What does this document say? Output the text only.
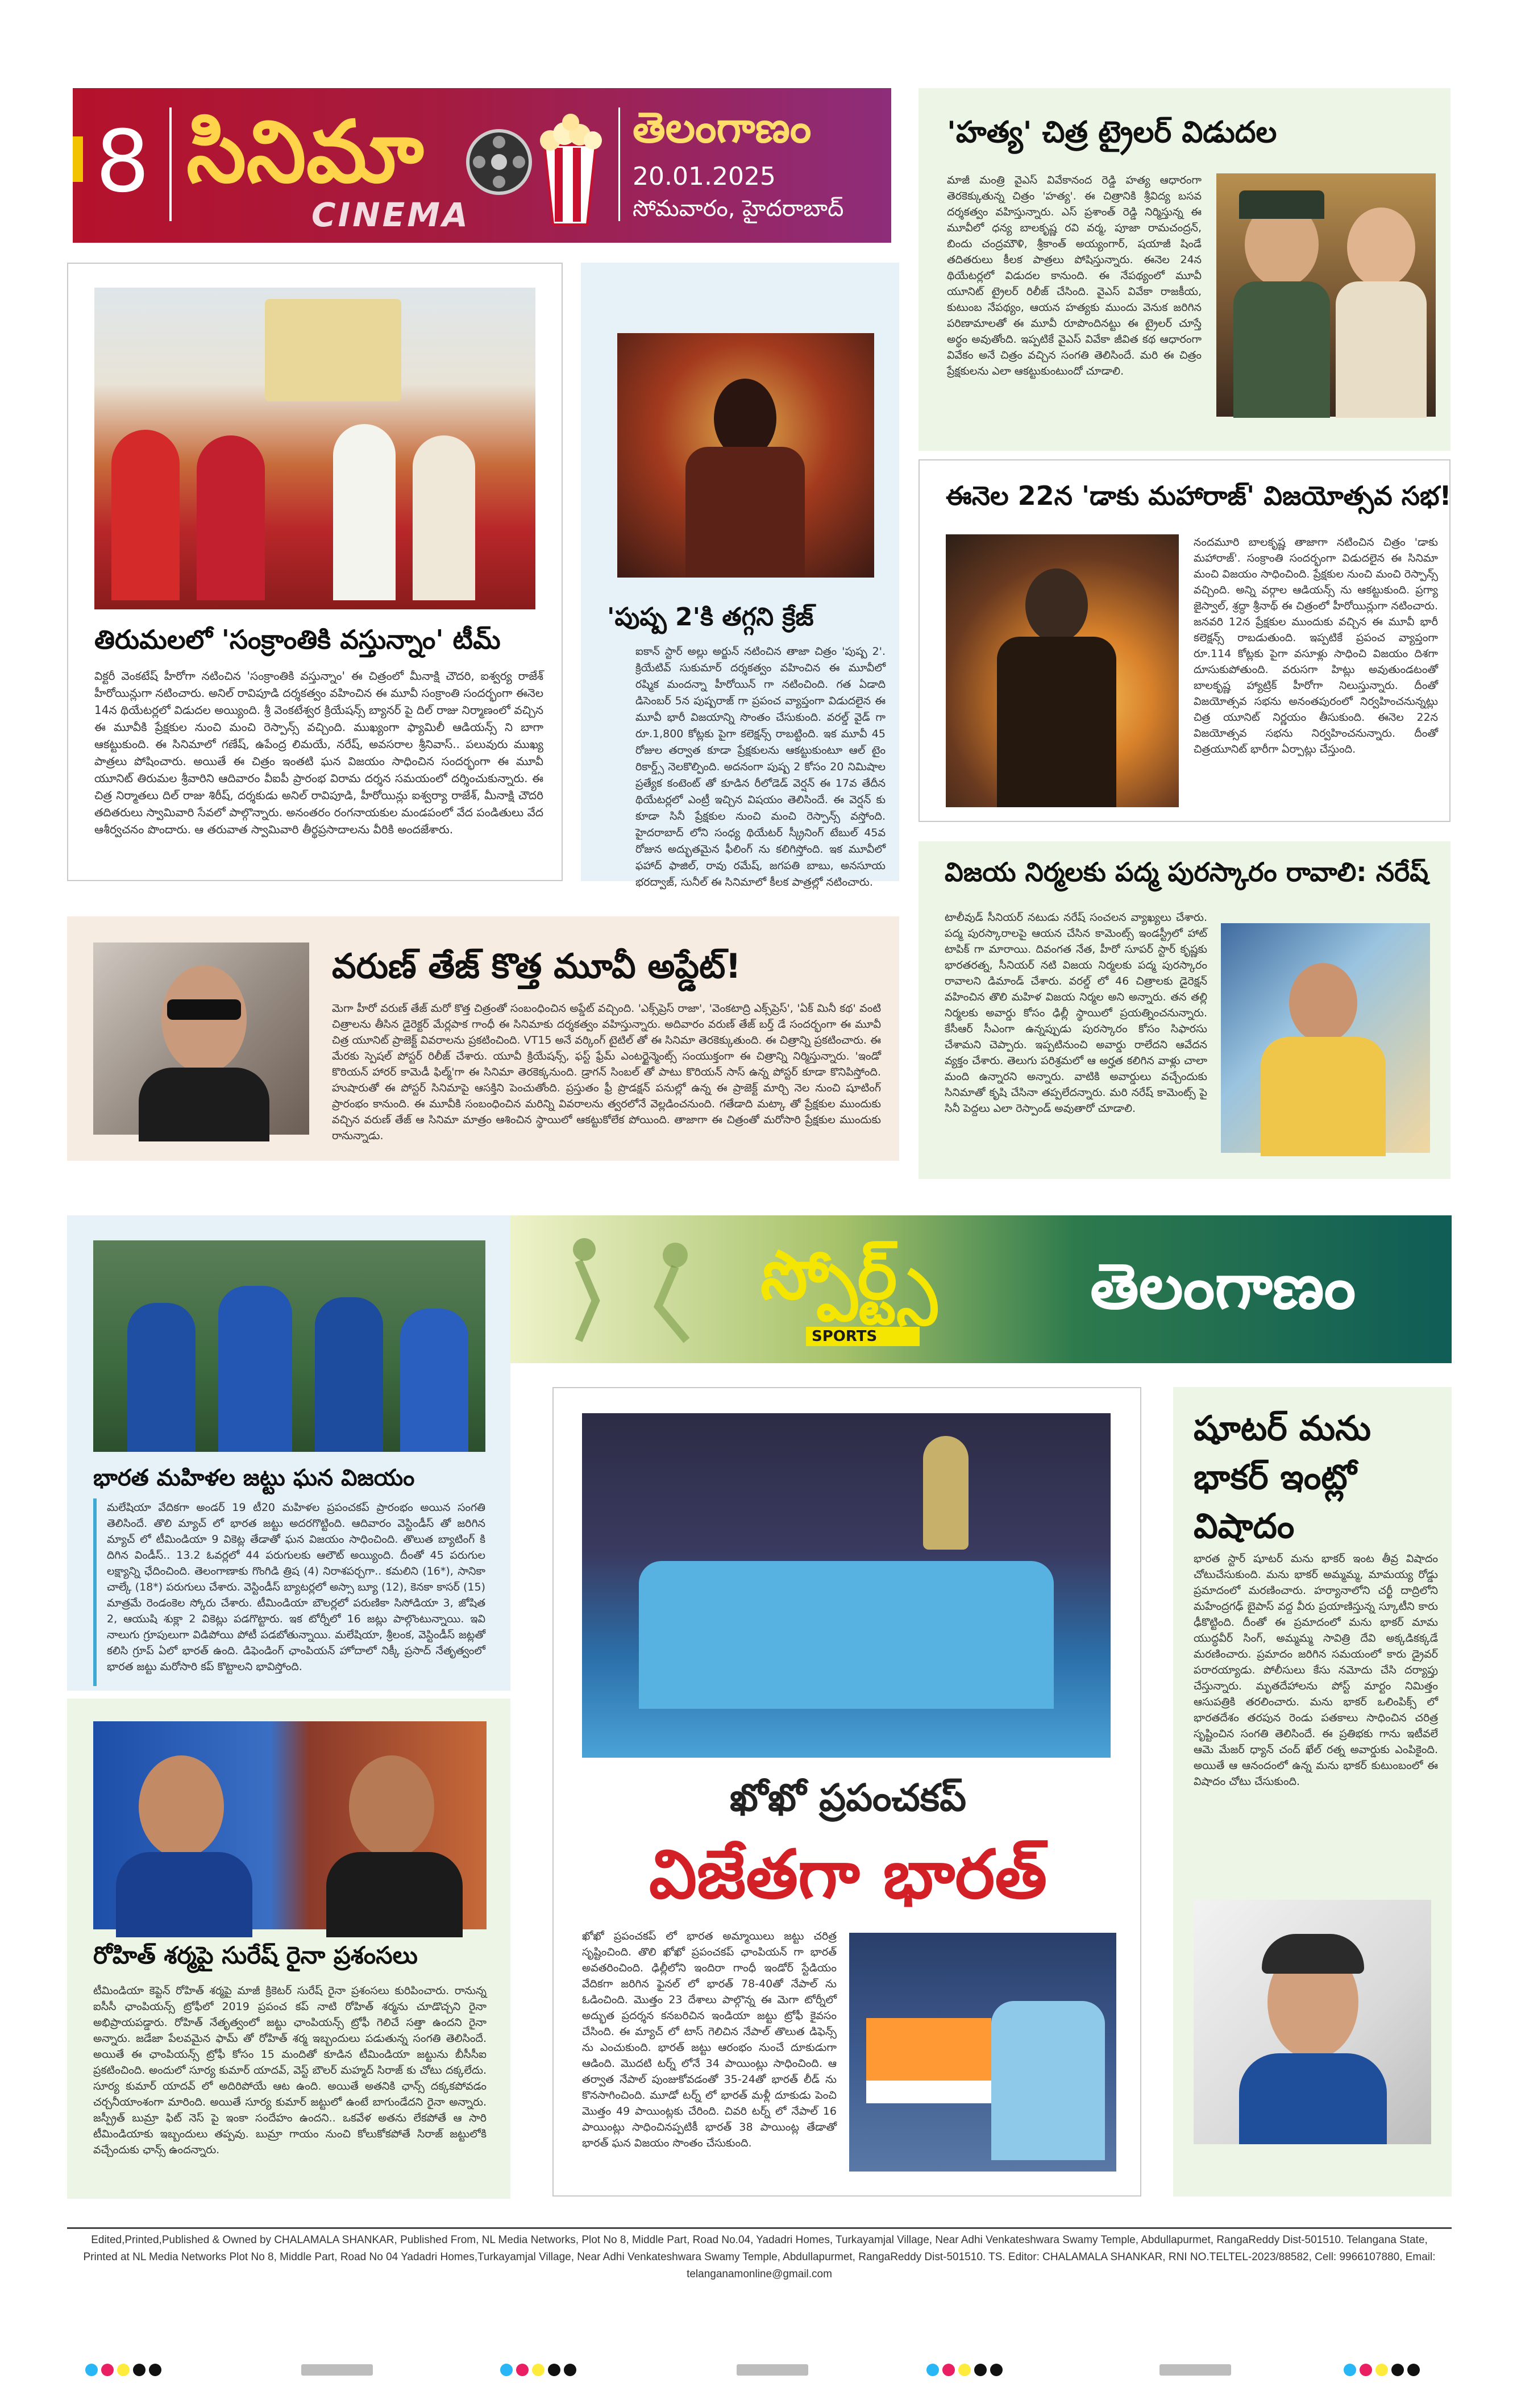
8 సినిమా
CINEMA
తెలంగాణం
20.01.2025
సోమవారం, హైదరాబాద్
తిరుమలలో 'సంక్రాంతికి వస్తున్నాం' టీమ్
విక్టరీ వెంకటేష్ హీరోగా నటించిన 'సంక్రాంతికి వస్తున్నాం' ఈ చిత్రంలో మీనాక్షి చౌదరి, ఐశ్వర్య రాజేశ్ హీరోయిన్లుగా నటించారు. అనిల్ రావిపూడి దర్శకత్వం వహించిన ఈ మూవీ సంక్రాంతి సందర్భంగా ఈనెల 14న థియేటర్లలో విడుదల అయ్యింది. శ్రీ వెంకటేశ్వర క్రియేషన్స్ బ్యానర్ పై దిల్ రాజు నిర్మాణంలో వచ్చిన ఈ మూవీకి ప్రేక్షకుల నుంచి మంచి రెస్పాన్స్ వచ్చింది. ముఖ్యంగా ఫ్యామిలీ ఆడియన్స్ ని బాగా ఆకట్టుకుంది. ఈ సినిమాలో గణేష్, ఉపేంద్ర లిమయే, నరేష్, అవసరాల శ్రీనివాస్.. పలువురు ముఖ్య పాత్రలు పోషించారు. అయితే ఈ చిత్రం ఇంతటి ఘన విజయం సాధించిన సందర్భంగా ఈ మూవీ యూనిట్ తిరుమల శ్రీవారిని ఆదివారం వీఐపీ ప్రారంభ విరామ దర్శన సమయంలో దర్శించుకున్నారు. ఈ చిత్ర నిర్మాతలు దిల్ రాజు శిరీష్, దర్శకుడు అనిల్ రావిపూడి, హీరోయిన్లు ఐశ్వర్యా రాజేశ్, మీనాక్షి చౌదరి తదితరులు స్వామివారి సేవలో పాల్గొన్నారు. అనంతరం రంగనాయకుల మండపంలో వేద పండితులు వేద ఆశీర్వచనం పొందారు. ఆ తరువాత స్వామివారి తీర్థప్రసాదాలను వీరికి అందజేశారు.
'పుష్ప 2'కి తగ్గని క్రేజ్
ఐకాన్ స్టార్ అల్లు అర్జున్ నటించిన తాజా చిత్రం 'పుష్ప 2'. క్రియేటివ్ సుకుమార్ దర్శకత్వం వహించిన ఈ మూవీలో రష్మిక మందన్నా హీరోయిన్ గా నటించింది. గత ఏడాది డిసెంబర్ 5న పుష్పరాజ్ గా ప్రపంచ వ్యాప్తంగా విడుదలైన ఈ మూవీ భారీ విజయాన్ని సొంతం చేసుకుంది. వరల్డ్ వైడ్ గా రూ.1,800 కోట్లకు పైగా కలెక్షన్స్ రాబట్టింది. ఇక మూవీ 45 రోజుల తర్వాత కూడా ప్రేక్షకులను ఆకట్టుకుంటూ ఆల్ టైం రికార్డ్స్ నెలకొల్పింది. అదనంగా పుష్ప 2 కోసం 20 నిమిషాల ప్రత్యేక కంటెంట్ తో కూడిన రీలోడెడ్ వెర్షన్ ఈ 17వ తేదీన థియేటర్లలో ఎంట్రీ ఇచ్చిన విషయం తెలిసిందే. ఈ వెర్షన్ కు కూడా సినీ ప్రేక్షకుల నుంచి మంచి రెస్పాన్స్ వస్తోంది. హైదరాబాద్ లోని సంధ్య థియేటర్ స్క్రీనింగ్ టేబుల్ 45వ రోజున అద్భుతమైన ఫీలింగ్ ను కలిగిస్తోంది. ఇక మూవీలో ఫహాద్ ఫాజిల్, రావు రమేష్, జగపతి బాబు, అనసూయ భరద్వాజ్, సునీల్ ఈ సినిమాలో కీలక పాత్రల్లో నటించారు.
వరుణ్ తేజ్ కొత్త మూవీ అప్డేట్!
మెగా హీరో వరుణ్ తేజ్ మరో కొత్త చిత్రంతో సంబంధించిన అప్డేట్ వచ్చింది. 'ఎక్స్‌ప్రెస్ రాజా', 'వెంకటాద్రి ఎక్స్‌ప్రెస్', 'ఏక్ మినీ కథ' వంటి చిత్రాలను తీసిన డైరెక్టర్ మేర్లపాక గాంధీ ఈ సినిమాకు దర్శకత్వం వహిస్తున్నారు. అదివారం వరుణ్ తేజ్ బర్త్ డే సందర్భంగా ఈ మూవీ చిత్ర యూనిట్ ప్రాజెక్ట్ వివరాలను ప్రకటించింది. VT15 అనే వర్కింగ్ టైటిల్ తో ఈ సినిమా తెరకెక్కుతుంది. ఈ చిత్రాన్ని ప్రకటించారు. ఈ మేరకు స్పెషల్ పోస్టర్ రిలీజ్ చేశారు. యూవీ క్రియేషన్స్, ఫస్ట్ ఫ్రేమ్ ఎంటర్టైన్మెంట్స్ సంయుక్తంగా ఈ చిత్రాన్ని నిర్మిస్తున్నారు. 'ఇండో కొరియన్ హారర్ కామెడీ ఫిల్మ్'గా ఈ సినిమా తెరకెక్కనుంది. డ్రాగన్ సింబల్ తో పాటు కొరియన్ సాస్ ఉన్న పోస్టర్ కూడా కొనిపిస్తోంది. హుషారుతో ఈ పోస్టర్ సినిమాపై ఆసక్తిని పెంచుతోంది. ప్రస్తుతం ఫ్రీ ప్రొడక్షన్ పనుల్లో ఉన్న ఈ ప్రాజెక్ట్ మార్చి నెల నుంచి షూటింగ్ ప్రారంభం కానుంది. ఈ మూవీకి సంబంధించిన మరిన్ని వివరాలను త్వరలోనే వెల్లడించనుంది. గతేడాది మట్కా తో ప్రేక్షకుల ముందుకు వచ్చిన వరుణ్ తేజ్ ఆ సినిమా మాత్రం ఆశించిన స్థాయిలో ఆకట్టుకోలేక పోయింది. తాజాగా ఈ చిత్రంతో మరోసారి ప్రేక్షకుల ముందుకు రానున్నాడు.
'హత్య' చిత్ర ట్రైలర్ విడుదల
మాజీ మంత్రి వైఎస్ వివేకానంద రెడ్డి హత్య ఆధారంగా తెరకెక్కుతున్న చిత్రం 'హత్య'. ఈ చిత్రానికి శ్రీవిద్య బసవ దర్శకత్వం వహిస్తున్నారు. ఎస్ ప్రశాంత్ రెడ్డి నిర్మిస్తున్న ఈ మూవీలో ధన్య బాలకృష్ణ రవి వర్మ, పూజా రామచంద్రన్, బిందు చంద్రమౌళి, శ్రీకాంత్ అయ్యంగార్, షయాజీ షిండే తదితరులు కీలక పాత్రలు పోషిస్తున్నారు. ఈనెల 24న థియేటర్లలో విడుదల కానుంది. ఈ నేపథ్యంలో మూవీ యూనిట్ ట్రైలర్ రిలీజ్ చేసింది. వైఎస్ వివేకా రాజకీయ, కుటుంబ నేపథ్యం, ఆయన హత్యకు ముందు వెనుక జరిగిన పరిణామాలతో ఈ మూవీ రూపొందినట్టు ఈ ట్రైలర్ చూస్తే అర్థం అవుతోంది. ఇప్పటికే వైఎస్ వివేకా జీవిత కథ ఆధారంగా వివేకం అనే చిత్రం వచ్చిన సంగతి తెలిసిందే. మరి ఈ చిత్రం ప్రేక్షకులను ఎలా ఆకట్టుకుంటుందో చూడాలి.
ఈనెల 22న 'డాకు మహారాజ్' విజయోత్సవ సభ!
నందమూరి బాలకృష్ణ తాజాగా నటించిన చిత్రం 'డాకు మహారాజ్'. సంక్రాంతి సందర్భంగా విడుదలైన ఈ సినిమా మంచి విజయం సాధించింది. ప్రేక్షకుల నుంచి మంచి రెస్పాన్స్ వచ్చింది. అన్ని వర్గాల ఆడియన్స్ ను ఆకట్టుకుంది. ప్రగ్యా జైస్వాల్, శ్రద్ధా శ్రీనాథ్ ఈ చిత్రంలో హీరోయిన్లుగా నటించారు. జనవరి 12న ప్రేక్షకుల ముందుకు వచ్చిన ఈ మూవీ భారీ కలెక్షన్స్ రాబడుతుంది. ఇప్పటికే ప్రపంచ వ్యాప్తంగా రూ.114 కోట్లకు పైగా వసూళ్లు సాధించి విజయం దిశగా దూసుకుపోతుంది. వరుసగా హిట్లు అవుతుండటంతో బాలకృష్ణ హ్యాట్రిక్ హీరోగా నిలుస్తున్నారు. దీంతో విజయోత్సవ సభను అనంతపురంలో నిర్వహించనున్నట్లు చిత్ర యూనిట్ నిర్ణయం తీసుకుంది. ఈనెల 22న విజయోత్సవ సభను నిర్వహించనున్నారు. దీంతో చిత్రయూనిట్ భారీగా ఏర్పాట్లు చేస్తుంది.
విజయ నిర్మలకు పద్మ పురస్కారం రావాలి: నరేష్
టాలీవుడ్ సీనియర్ నటుడు నరేష్ సంచలన వ్యాఖ్యలు చేశారు. పద్మ పురస్కారాలపై ఆయన చేసిన కామెంట్స్ ఇండస్ట్రీలో హాట్ టాపిక్ గా మారాయి. దివంగత నేత, హీరో సూపర్ స్టార్ కృష్ణకు భారతరత్న, సీనియర్ నటి విజయ నిర్మలకు పద్మ పురస్కారం రావాలని డిమాండ్ చేశారు. వరల్డ్ లో 46 చిత్రాలకు డైరెక్షన్ వహించిన తొలి మహిళ విజయ నిర్మల అని అన్నారు. తన తల్లి నిర్మలకు అవార్డు కోసం ఢిల్లీ స్థాయిలో ప్రయత్నించనున్నారు. కేసీఆర్ సీఎంగా ఉన్నప్పుడు పురస్కారం కోసం సిఫారసు చేశామని చెప్పారు. ఇప్పటినుంచి అవార్డు రాలేదని ఆవేదన వ్యక్తం చేశారు. తెలుగు పరిశ్రమలో ఆ అర్హత కలిగిన వాళ్లు చాలా మంది ఉన్నారని అన్నారు. వాటికి అవార్డులు వచ్చేందుకు సినిమాతో కృషి చేసినా తప్పలేదన్నారు. మరి నరేష్ కామెంట్స్ పై సినీ పెద్దలు ఎలా రెస్పాండ్ అవుతారో చూడాలి.
స్పోర్ట్స్
SPORTS
తెలంగాణం
భారత మహిళల జట్టు ఘన విజయం
మలేషియా వేదికగా అండర్ 19 టీ20 మహిళల ప్రపంచకప్ ప్రారంభం అయిన సంగతి తెలిసిందే. తొలి మ్యాచ్ లో భారత జట్టు అదరగొట్టింది. ఆదివారం వెస్టిండీస్ తో జరిగిన మ్యాచ్ లో టీమిండియా 9 వికెట్ల తేడాతో ఘన విజయం సాధించింది. తొలుత బ్యాటింగ్ కి దిగిన విండీస్.. 13.2 ఓవర్లలో 44 పరుగులకు ఆలౌట్ అయ్యింది. దీంతో 45 పరుగుల లక్ష్యాన్ని ఛేదించింది. తెలంగాణాకు గొంగిడి త్రిష (4) నిరాశపర్చగా.. కమలిని (16*), సానికా చాల్కే (18*) పరుగులు చేశారు. వెస్టిండీస్ బ్యాటర్లలో అస్సా బ్యూ (12), కెనకా కాసర్ (15) మాత్రమే రెండంకెల స్కోరు చేశారు. టీమిండియా బౌలర్లలో పరుణికా సిసోడియా 3, జోషిత 2, ఆయుషి శుక్లా 2 వికెట్లు పడగొట్టారు. ఇక టోర్నీలో 16 జట్లు పాల్గొంటున్నాయి. ఇవి నాలుగు గ్రూపులుగా విడిపోయి పోటీ పడబోతున్నాయి. మలేషియా, శ్రీలంక, వెస్టిండీస్ జట్లతో కలిసి గ్రూప్ ఏలో భారత్ ఉంది. డిఫెండింగ్ ఛాంపియన్ హోదాలో నిక్కీ ప్రసాద్ నేతృత్వంలో భారత జట్టు మరోసారి కప్ కొట్టాలని భావిస్తోంది.
రోహిత్ శర్మపై సురేష్ రైనా ప్రశంసలు
టీమిండియా కెప్టెన్ రోహిత్ శర్మపై మాజీ క్రికెటర్ సురేష్ రైనా ప్రశంసలు కురిపించారు. రానున్న ఐసీసీ ఛాంపియన్స్ ట్రోఫీలో 2019 ప్రపంచ కప్ నాటి రోహిత్ శర్మను చూడొచ్చని రైనా అభిప్రాయపడ్డారు. రోహిత్ నేతృత్వంలో జట్టు ఛాంపియన్స్ ట్రోఫీ గెలిచే సత్తా ఉందని రైనా అన్నారు. జడేజా పేలవమైన ఫామ్ తో రోహిత్ శర్మ ఇబ్బందులు పడుతున్న సంగతి తెలిసిందే. అయితే ఈ ఛాంపియన్స్ ట్రోఫీ కోసం 15 మందితో కూడిన టీమిండియా జట్టును బీసీసీఐ ప్రకటించింది. అందులో సూర్య కుమార్ యాదవ్, వెస్ట్ బౌలర్ మహ్మద్ సిరాజ్ కు చోటు దక్కలేదు. సూర్య కుమార్ యాదవ్ లో అదిరిపోయే ఆట ఉంది. అయితే అతనికి ఛాన్స్ దక్కకపోవడం చర్చనీయాంశంగా మారింది. అయితే సూర్య కుమార్ జట్టులో ఉంటే బాగుండేదని రైనా అన్నారు. జస్ప్రీత్ బుమ్రా ఫిట్ నెస్ పై ఇంకా సందేహం ఉందని.. ఒకవేళ అతను లేకపోతే ఆ సారి టీమిండియాకు ఇబ్బందులు తప్పవు. బుమ్రా గాయం నుంచి కోలుకోకపోతే సిరాజ్ జట్టులోకి వచ్చేందుకు ఛాన్స్ ఉందన్నారు.
ఖోఖో ప్రపంచకప్
విజేతగా భారత్
ఖోఖో ప్రపంచకప్ లో భారత అమ్మాయిలు జట్టు చరిత్ర సృష్టించింది. తొలి ఖోఖో ప్రపంచకప్ ఛాంపియన్ గా భారత్ అవతరించింది. ఢిల్లీలోని ఇందిరా గాంధీ ఇండోర్ స్టేడియం వేదికగా జరిగిన ఫైనల్ లో భారత్ 78-40తో నేపాల్ ను ఓడించింది. మొత్తం 23 దేశాలు పాల్గొన్న ఈ మెగా టోర్నీలో అద్భుత ప్రదర్శన కనబరిచిన ఇండియా జట్టు ట్రోఫీ కైవసం చేసింది. ఈ మ్యాచ్ లో టాస్ గెలిచిన నేపాల్ తొలుత డిఫెన్స్ ను ఎంచుకుంది. భారత్ జట్టు ఆరంభం నుంచే దూకుడుగా ఆడింది. మొదటి టర్న్ లోనే 34 పాయింట్లు సాధించింది. ఆ తర్వాత నేపాల్ పుంజుకోవడంతో 35-24తో భారత్ లీడ్ ను కొనసాగించింది. మూడో టర్న్ లో భారత్ మళ్లీ దూకుడు పెంచి మొత్తం 49 పాయింట్లకు చేరింది. చివరి టర్న్ లో నేపాల్ 16 పాయింట్లు సాధించినప్పటికీ భారత్ 38 పాయింట్ల తేడాతో భారత్ ఘన విజయం సొంతం చేసుకుంది.
షూటర్ మను భాకర్ ఇంట్లో విషాదం
భారత స్టార్ షూటర్ మను భాకర్ ఇంట తీవ్ర విషాదం చోటుచేసుకుంది. మను భాకర్ అమ్మమ్మ, మామయ్య రోడ్డు ప్రమాదంలో మరణించారు. హర్యానాలోని చర్ఖీ దాద్రిలోని మహేంద్రగఢ్ బైపాస్ వద్ద వీరు ప్రయాణిస్తున్న స్కూటీని కారు ఢీకొట్టింది. దీంతో ఈ ప్రమాదంలో మను భాకర్ మామ యుద్ధవీర్ సింగ్, అమ్మమ్మ సావిత్రి దేవి అక్కడికక్కడే మరణించారు. ప్రమాదం జరిగిన సమయంలో కారు డ్రైవర్ పరారయ్యాడు. పోలీసులు కేసు నమోదు చేసి దర్యాప్తు చేస్తున్నారు. మృతదేహాలను పోస్ట్ మార్టం నిమిత్తం ఆసుపత్రికి తరలించారు. మను భాకర్ ఒలింపిక్స్ లో భారతదేశం తరపున రెండు పతకాలు సాధించిన చరిత్ర సృష్టించిన సంగతి తెలిసిందే. ఈ ప్రతిభకు గాను ఇటీవలే ఆమె మేజర్ ధ్యాన్ చంద్ ఖేల్ రత్న అవార్డుకు ఎంపికైంది. అయితే ఆ ఆనందంలో ఉన్న మను భాకర్ కుటుంబంలో ఈ విషాదం చోటు చేసుకుంది.
Edited,Printed,Published & Owned by CHALAMALA SHANKAR, Published From, NL Media Networks, Plot No 8, Middle Part, Road No.04, Yadadri Homes, Turkayamjal Village, Near Adhi Venkateshwara Swamy Temple, Abdullapurmet, RangaReddy Dist-501510. Telangana State, Printed at NL Media Networks Plot No 8, Middle Part, Road No 04 Yadadri Homes,Turkayamjal Village, Near Adhi Venkateshwara Swamy Temple, Abdullapurmet, RangaReddy Dist-501510. TS. Editor: CHALAMALA SHANKAR, RNI NO.TELTEL-2023/88582, Cell: 9966107880, Email: telanganamonline@gmail.com
